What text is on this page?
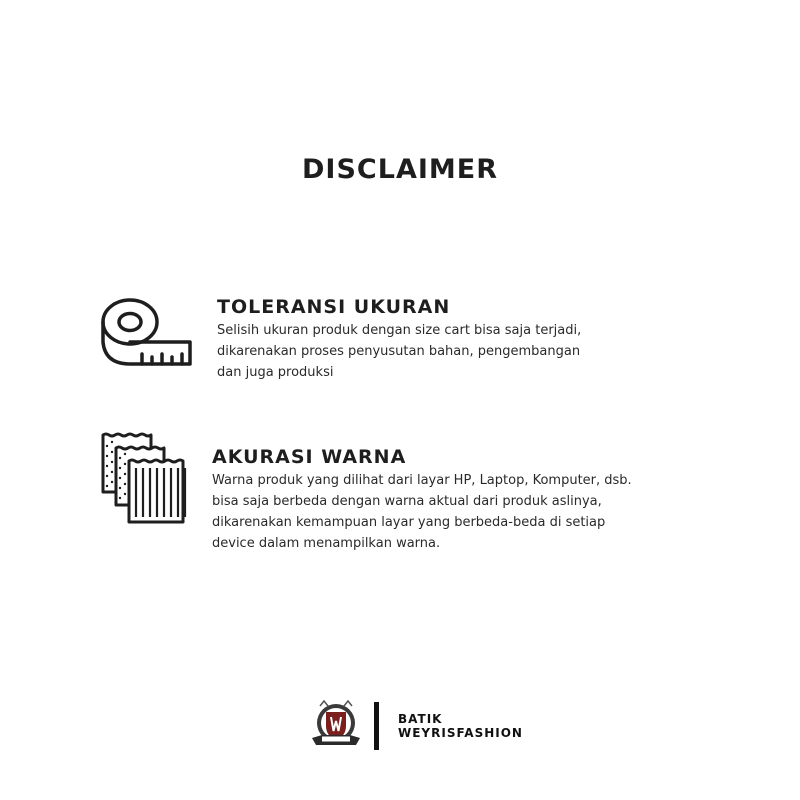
DISCLAIMER
TOLERANSI UKURAN

Selisih ukuran produk dengan size cart bisa saja terjadi,
dikarenakan proses penyusutan bahan, pengembangan
dan juga produksi

AKURASI WARNA

Warna produk yang dilihat dari layar HP, Laptop, Komputer, dsb.
bisa saja berbeda dengan warna aktual dari produk aslinya,
dikarenakan kemampuan layar yang berbeda-beda di setiap
device dalam menampilkan warna.

BATIK
WEYRISFASHION
